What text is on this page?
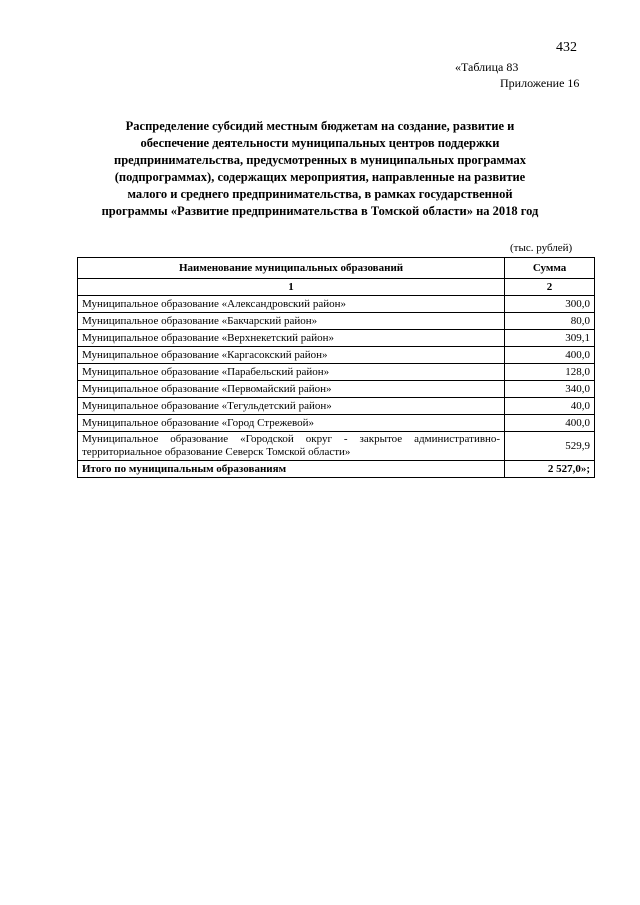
432
«Таблица 83
Приложение 16
Распределение субсидий местным бюджетам на создание, развитие и
обеспечение деятельности муниципальных центров поддержки
предпринимательства, предусмотренных в муниципальных программах
(подпрограммах), содержащих мероприятия, направленные на развитие
малого и среднего предпринимательства, в рамках государственной
программы «Развитие предпринимательства в Томской области» на 2018 год
(тыс. рублей)
Наименование муниципальных образований	Сумма
1	2
Муниципальное образование «Александровский район»	300,0
Муниципальное образование «Бакчарский район»	80,0
Муниципальное образование «Верхнекетский район»	309,1
Муниципальное образование «Каргасокский район»	400,0
Муниципальное образование «Парабельский район»	128,0
Муниципальное образование «Первомайский район»	340,0
Муниципальное образование «Тегульдетский район»	40,0
Муниципальное образование «Город Стрежевой»	400,0
Муниципальное образование «Городской округ - закрытое административно-территориальное образование Северск Томской области»	529,9
Итого по муниципальным образованиям	2 527,0»;
